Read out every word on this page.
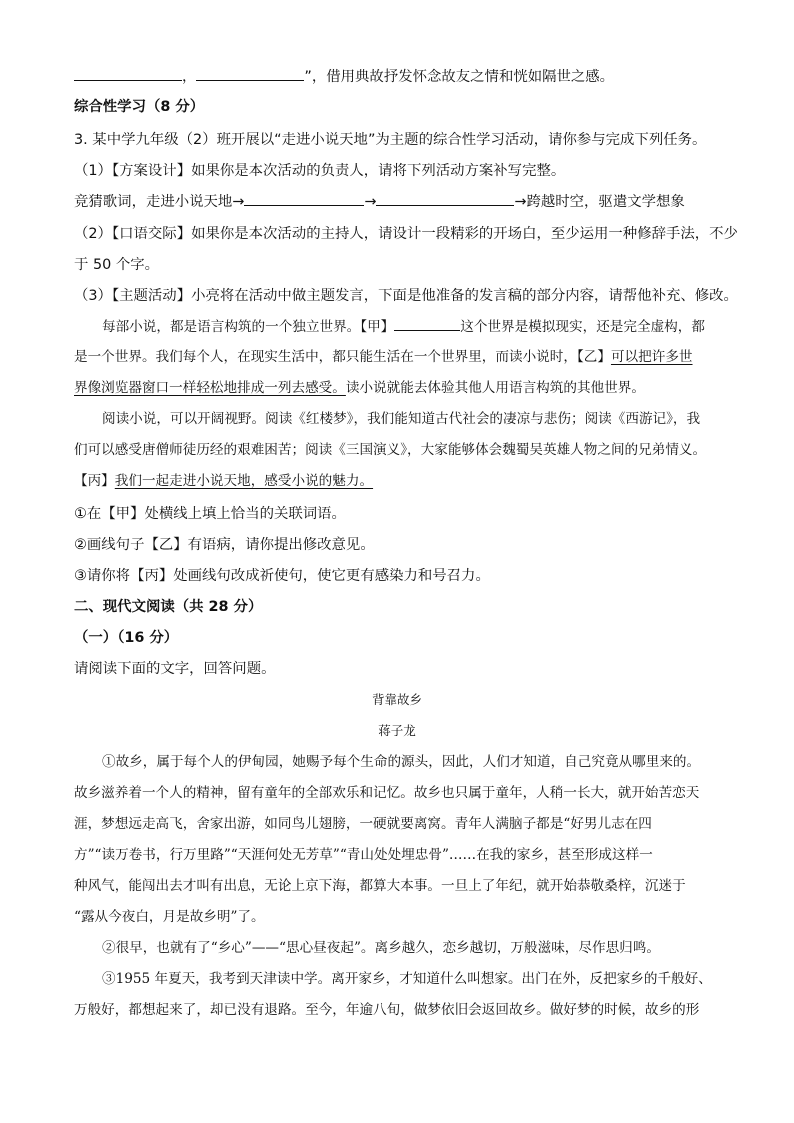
，	”，借用典故抒发怀念故友之情和恍如隔世之感。
综合性学习（8 分）
3. 某中学九年级（2）班开展以“走进小说天地”为主题的综合性学习活动，请你参与完成下列任务。
（1）【方案设计】如果你是本次活动的负责人，请将下列活动方案补写完整。
竞猜歌词，走进小说天地→	→	→跨越时空，驱遣文学想象
（2）【口语交际】如果你是本次活动的主持人，请设计一段精彩的开场白，至少运用一种修辞手法，不少
于 50 个字。
（3）【主题活动】小亮将在活动中做主题发言，下面是他准备的发言稿的部分内容，请帮他补充、修改。
每部小说，都是语言构筑的一个独立世界。【甲】	这个世界是模拟现实，还是完全虚构，都
是一个世界。我们每个人，在现实生活中，都只能生活在一个世界里，而读小说时，【乙】可以把许多世
界像浏览器窗口一样轻松地排成一列去感受。读小说就能去体验其他人用语言构筑的其他世界。
阅读小说，可以开阔视野。阅读《红楼梦》，我们能知道古代社会的凄凉与悲伤；阅读《西游记》，我
们可以感受唐僧师徒历经的艰难困苦；阅读《三国演义》，大家能够体会魏蜀吴英雄人物之间的兄弟情义。
【丙】我们一起走进小说天地，感受小说的魅力。
①在【甲】处横线上填上恰当的关联词语。
②画线句子【乙】有语病，请你提出修改意见。
③请你将【丙】处画线句改成祈使句，使它更有感染力和号召力。
二、现代文阅读（共 28 分）
（一）（16 分）
请阅读下面的文字，回答问题。
背靠故乡
蒋子龙
①故乡，属于每个人的伊甸园，她赐予每个生命的源头，因此，人们才知道，自己究竟从哪里来的。
故乡滋养着一个人的精神，留有童年的全部欢乐和记忆。故乡也只属于童年，人稍一长大，就开始苦恋天
涯，梦想远走高飞，舍家出游，如同鸟儿翅膀，一硬就要离窝。青年人满脑子都是“好男儿志在四
方”“读万卷书，行万里路”“天涯何处无芳草”“青山处处埋忠骨”……在我的家乡，甚至形成这样一
种风气，能闯出去才叫有出息，无论上京下海，都算大本事。一旦上了年纪，就开始恭敬桑梓，沉迷于
“露从今夜白，月是故乡明”了。
②很早，也就有了“乡心”——“思心昼夜起”。离乡越久，恋乡越切，万般滋味，尽作思归鸣。
③1955 年夏天，我考到天津读中学。离开家乡，才知道什么叫想家。出门在外，反把家乡的千般好、
万般好，都想起来了，却已没有退路。至今，年逾八旬，做梦依旧会返回故乡。做好梦的时候，故乡的形
